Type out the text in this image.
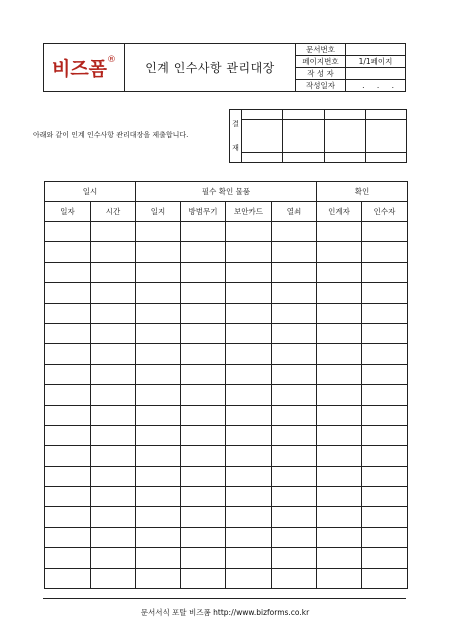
비즈폼®	인계 인수사항 관리대장	문서번호	
		페이지번호	1/1페이지
		작 성 자	
		작성일자	. . .
아래와 같이 인계 인수사항 관리대장을 제출합니다.
결
재				

일시		필수 확인 물품				확인	
일자	시간	일지	방범무기	보안카드	열쇠	인계자	인수자

문서서식 포탈 비즈폼 http://www.bizforms.co.kr
